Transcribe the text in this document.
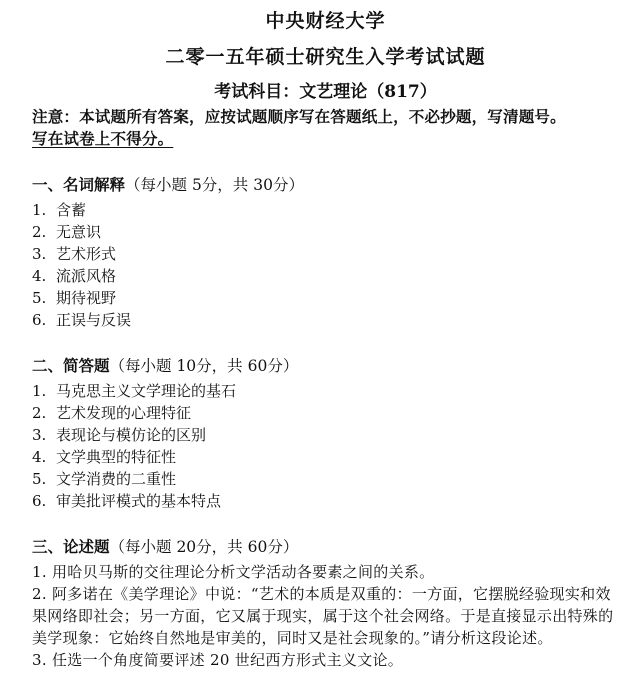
中央财经大学
二零一五年硕士研究生入学考试试题
考试科目：文艺理论（817）
注意：本试题所有答案，应按试题顺序写在答题纸上，不必抄题，写清题号。
写在试卷上不得分。
一、名词解释（每小题 5分，共 30分）
1. 含蓄
2. 无意识
3. 艺术形式
4. 流派风格
5. 期待视野
6. 正误与反误
二、简答题（每小题 10分，共 60分）
1. 马克思主义文学理论的基石
2. 艺术发现的心理特征
3. 表现论与模仿论的区别
4. 文学典型的特征性
5. 文学消费的二重性
6. 审美批评模式的基本特点
三、论述题（每小题 20分，共 60分）
1. 用哈贝马斯的交往理论分析文学活动各要素之间的关系。
2. 阿多诺在《美学理论》中说：“艺术的本质是双重的：一方面，它摆脱经验现实和效果网络即社会；另一方面，它又属于现实，属于这个社会网络。于是直接显示出特殊的美学现象：它始终自然地是审美的，同时又是社会现象的。”请分析这段论述。
3. 任选一个角度简要评述 20 世纪西方形式主义文论。
